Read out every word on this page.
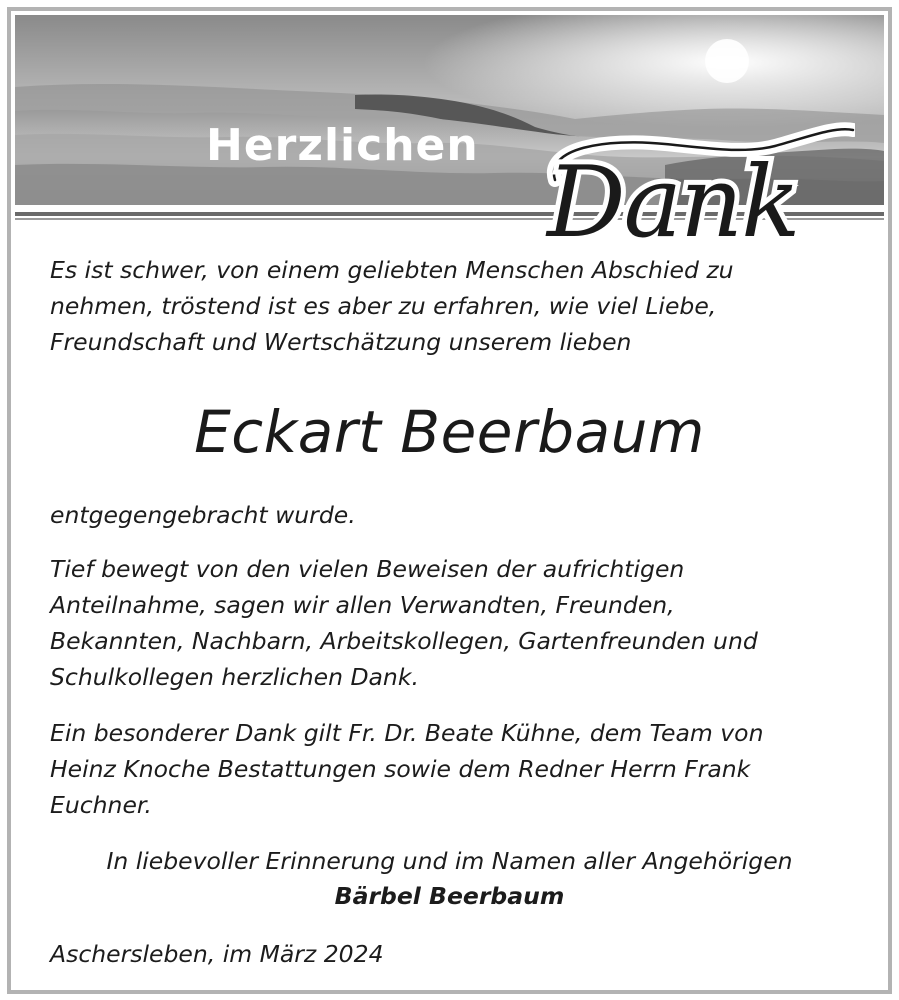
Herzlichen
Dank

Es ist schwer, von einem geliebten Menschen Abschied zu
nehmen, tröstend ist es aber zu erfahren, wie viel Liebe,
Freundschaft und Wertschätzung unserem lieben

Eckart Beerbaum

entgegengebracht wurde.

Tief bewegt von den vielen Beweisen der aufrichtigen
Anteilnahme, sagen wir allen Verwandten, Freunden,
Bekannten, Nachbarn, Arbeitskollegen, Gartenfreunden und
Schulkollegen herzlichen Dank.

Ein besonderer Dank gilt Fr. Dr. Beate Kühne, dem Team von
Heinz Knoche Bestattungen sowie dem Redner Herrn Frank
Euchner.

In liebevoller Erinnerung und im Namen aller Angehörigen
Bärbel Beerbaum

Aschersleben, im März 2024
